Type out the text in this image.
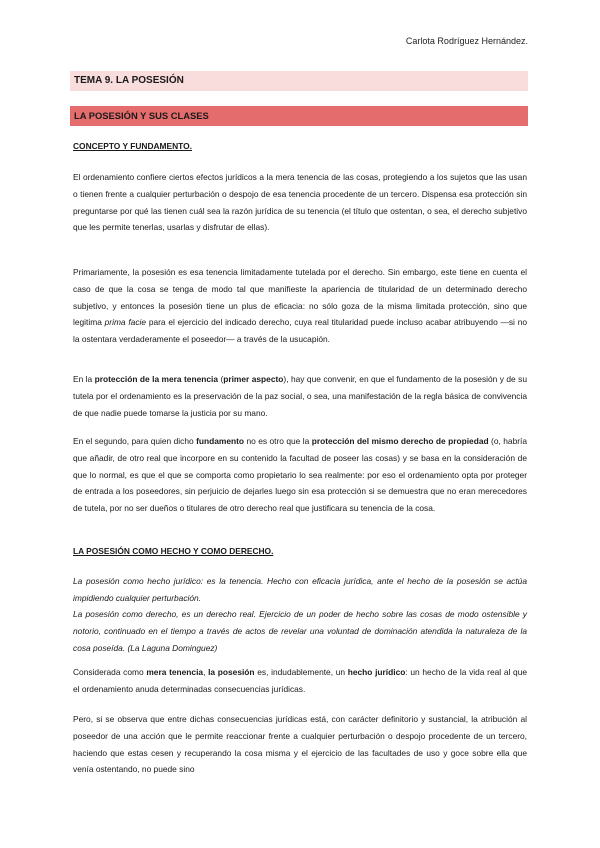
Carlota Rodríguez Hernández.
TEMA 9. LA POSESIÓN
LA POSESIÓN Y SUS CLASES
CONCEPTO Y FUNDAMENTO.

El ordenamiento confiere ciertos efectos jurídicos a la mera tenencia de las cosas, protegiendo a los sujetos que las usan o tienen frente a cualquier perturbación o despojo de esa tenencia procedente de un tercero. Dispensa esa protección sin preguntarse por qué las tienen cuál sea la razón jurídica de su tenencia (el título que ostentan, o sea, el derecho subjetivo que les permite tenerlas, usarlas y disfrutar de ellas).

Primariamente, la posesión es esa tenencia limitadamente tutelada por el derecho. Sin embargo, este tiene en cuenta el caso de que la cosa se tenga de modo tal que manifieste la apariencia de titularidad de un determinado derecho subjetivo, y entonces la posesión tiene un plus de eficacia: no sólo goza de la misma limitada protección, sino que legitima prima facie para el ejercicio del indicado derecho, cuya real titularidad puede incluso acabar atribuyendo —si no la ostentara verdaderamente el poseedor— a través de la usucapión.

En la protección de la mera tenencia (primer aspecto), hay que convenir, en que el fundamento de la posesión y de su tutela por el ordenamiento es la preservación de la paz social, o sea, una manifestación de la regla básica de convivencia de que nadie puede tomarse la justicia por su mano.

En el segundo, para quien dicho fundamento no es otro que la protección del mismo derecho de propiedad (o, habría que añadir, de otro real que incorpore en su contenido la facultad de poseer las cosas) y se basa en la consideración de que lo normal, es que el que se comporta como propietario lo sea realmente: por eso el ordenamiento opta por proteger de entrada a los poseedores, sin perjuicio de dejarles luego sin esa protección si se demuestra que no eran merecedores de tutela, por no ser dueños o titulares de otro derecho real que justificara su tenencia de la cosa.

LA POSESIÓN COMO HECHO Y COMO DERECHO.

La posesión como hecho jurídico: es la tenencia. Hecho con eficacia jurídica, ante el hecho de la posesión se actúa impidiendo cualquier perturbación.

La posesión como derecho, es un derecho real. Ejercicio de un poder de hecho sobre las cosas de modo ostensible y notorio, continuado en el tiempo a través de actos de revelar una voluntad de dominación atendida la naturaleza de la cosa poseída. (La Laguna Dominguez)

Considerada como mera tenencia, la posesión es, indudablemente, un hecho jurídico: un hecho de la vida real al que el ordenamiento anuda determinadas consecuencias jurídicas.

Pero, si se observa que entre dichas consecuencias jurídicas está, con carácter definitorio y sustancial, la atribución al poseedor de una acción que le permite reaccionar frente a cualquier perturbación o despojo procedente de un tercero, haciendo que estas cesen y recuperando la cosa misma y el ejercicio de las facultades de uso y goce sobre ella que venía ostentando, no puede sino
